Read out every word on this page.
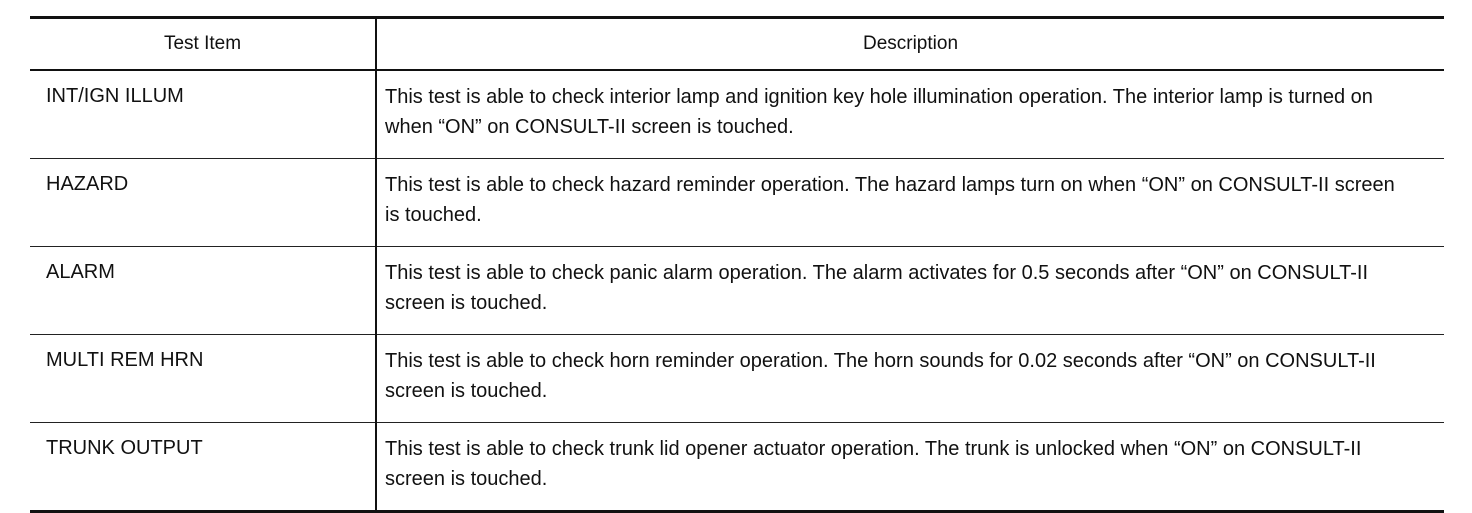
Test Item	Description
INT/IGN ILLUM	This test is able to check interior lamp and ignition key hole illumination operation. The interior lamp is turned on when “ON” on CONSULT-II screen is touched.
HAZARD	This test is able to check hazard reminder operation. The hazard lamps turn on when “ON” on CONSULT-II screen is touched.
ALARM	This test is able to check panic alarm operation. The alarm activates for 0.5 seconds after “ON” on CONSULT-II screen is touched.
MULTI REM HRN	This test is able to check horn reminder operation. The horn sounds for 0.02 seconds after “ON” on CONSULT-II screen is touched.
TRUNK OUTPUT	This test is able to check trunk lid opener actuator operation. The trunk is unlocked when “ON” on CONSULT-II screen is touched.
